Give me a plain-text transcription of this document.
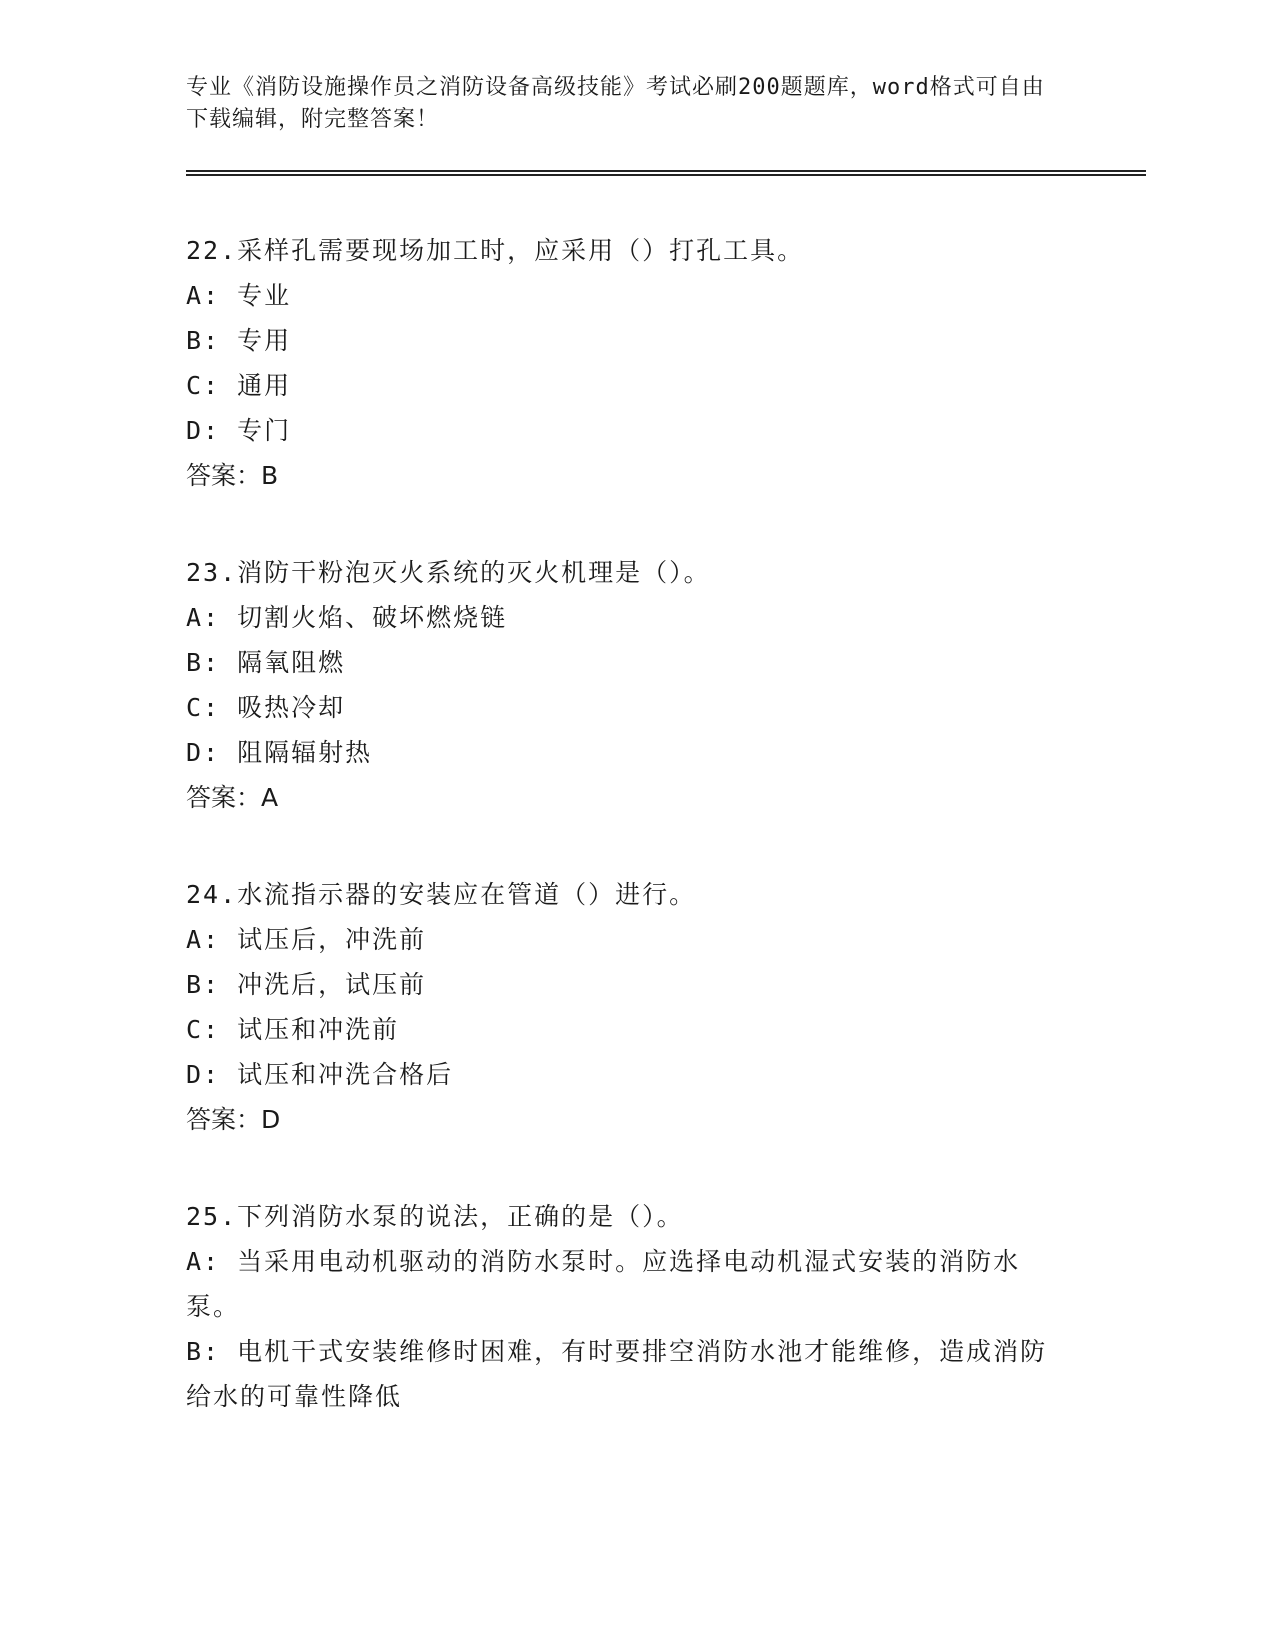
专业《消防设施操作员之消防设备高级技能》考试必刷200题题库，word格式可自由下载编辑，附完整答案！

22.采样孔需要现场加工时，应采用（）打孔工具。

A: 专业

B: 专用

C: 通用

D: 专门

答案：B

23.消防干粉泡灭火系统的灭火机理是（）。

A: 切割火焰、破坏燃烧链

B: 隔氧阻燃

C: 吸热冷却

D: 阻隔辐射热

答案：A

24.水流指示器的安装应在管道（）进行。

A: 试压后，冲洗前

B: 冲洗后，试压前

C: 试压和冲洗前

D: 试压和冲洗合格后

答案：D

25.下列消防水泵的说法，正确的是（）。

A: 当采用电动机驱动的消防水泵时。应选择电动机湿式安装的消防水泵。

B: 电机干式安装维修时困难，有时要排空消防水池才能维修，造成消防给水的可靠性降低
